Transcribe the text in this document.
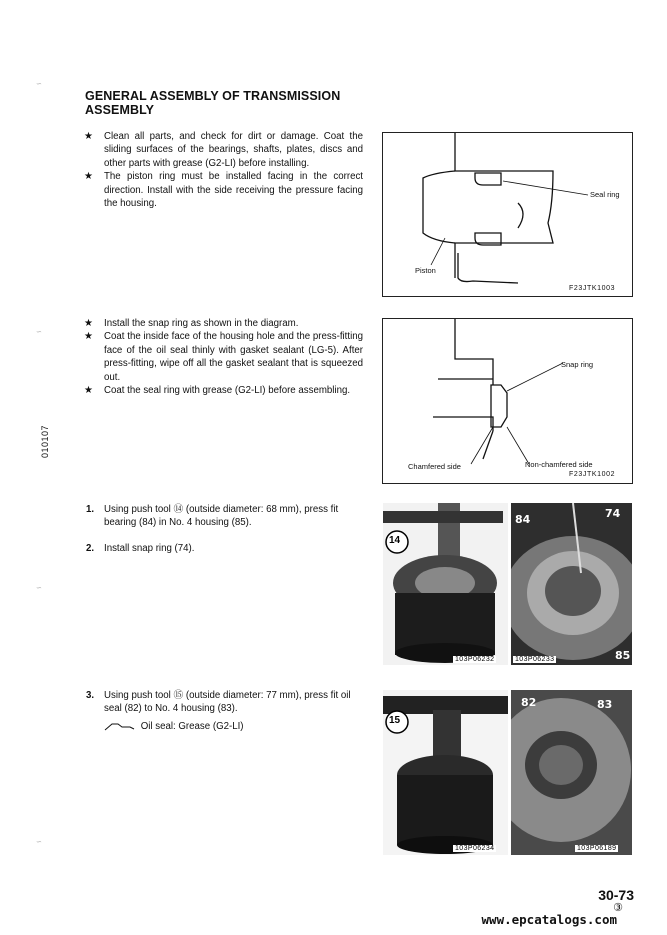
∽
∽
∽
∽
010107
GENERAL ASSEMBLY OF TRANSMISSION
ASSEMBLY

★ Clean all parts, and check for dirt or damage. Coat the sliding surfaces of the bearings, shafts, plates, discs and other parts with grease (G2-LI) before installing.

★ The piston ring must be installed facing in the correct direction. Install with the side receiving the pressure facing the housing.

Seal ring
Piston
F23JTK1003

★ Install the snap ring as shown in the diagram.

★ Coat the inside face of the housing hole and the press-fitting face of the oil seal thinly with gasket sealant (LG-5). After press-fitting, wipe off all the gasket sealant that is squeezed out.

★ Coat the seal ring with grease (G2-LI) before assembling.

Snap ring
Chamfered side	Non-chamfered side
F23JTK1002
1. Using push tool ⑭ (outside diameter: 68 mm), press fit bearing (84) in No. 4 housing (85).
2. Install snap ring (74).
14
103P06232
84	74
85
103P06233
3. Using push tool ⑮ (outside diameter: 77 mm), press fit oil seal (82) to No. 4 housing (83).
Oil seal: Grease (G2-LI)
15
103P06234
82	83
103P06189
30-73
③
www.epcatalogs.com
